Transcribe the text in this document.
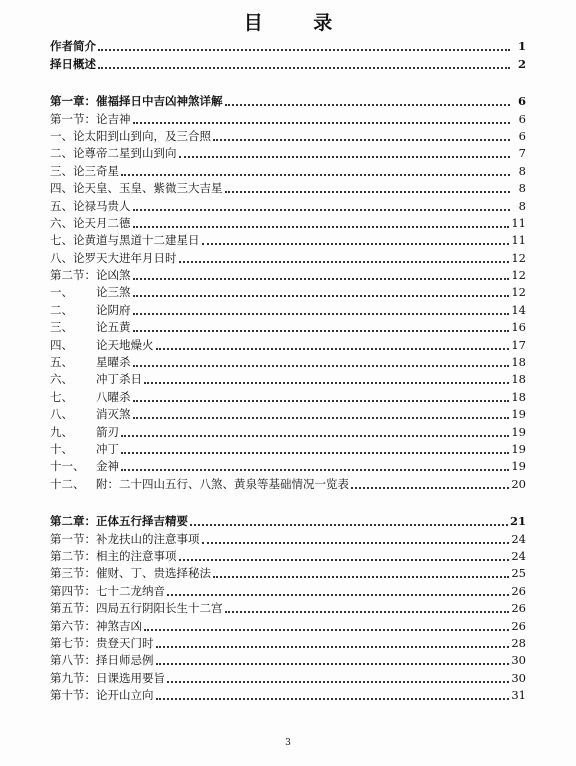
目 录
作者简介	1
择日概述	2
第一章： 催福择日中吉凶神煞详解	6
第一节： 论吉神	6
一、 论太阳到山到向，及三合照	6
二、 论尊帝二星到山到向	7
三、 论三奇星	8
四、 论天皇、玉皇、紫微三大吉星	8
五、 论禄马贵人	8
六、 论天月二德	11
七、 论黄道与黑道十二建星日	11
八、 论罗天大进年月日时	12
第二节： 论凶煞	12
一、	论三煞	12
二、	论阴府	14
三、	论五黄	16
四、	论天地燥火	17
五、	星曜杀	18
六、	冲丁杀日	18
七、	八曜杀	18
八、	消灭煞	19
九、	箭刃	19
十、	冲丁	19
十一、	金神	19
十二、	附：二十四山五行、八煞、黄泉等基础情况一览表	20
第二章： 正体五行择吉精要	21
第一节： 补龙扶山的注意事项	24
第二节： 相主的注意事项	24
第三节： 催财、丁、贵选择秘法	25
第四节： 七十二龙纳音	26
第五节： 四局五行阴阳长生十二宫	26
第六节： 神煞吉凶	26
第七节： 贵登天门时	28
第八节： 择日师忌例	30
第九节： 日课选用要旨	30
第十节： 论开山立向	31
3
